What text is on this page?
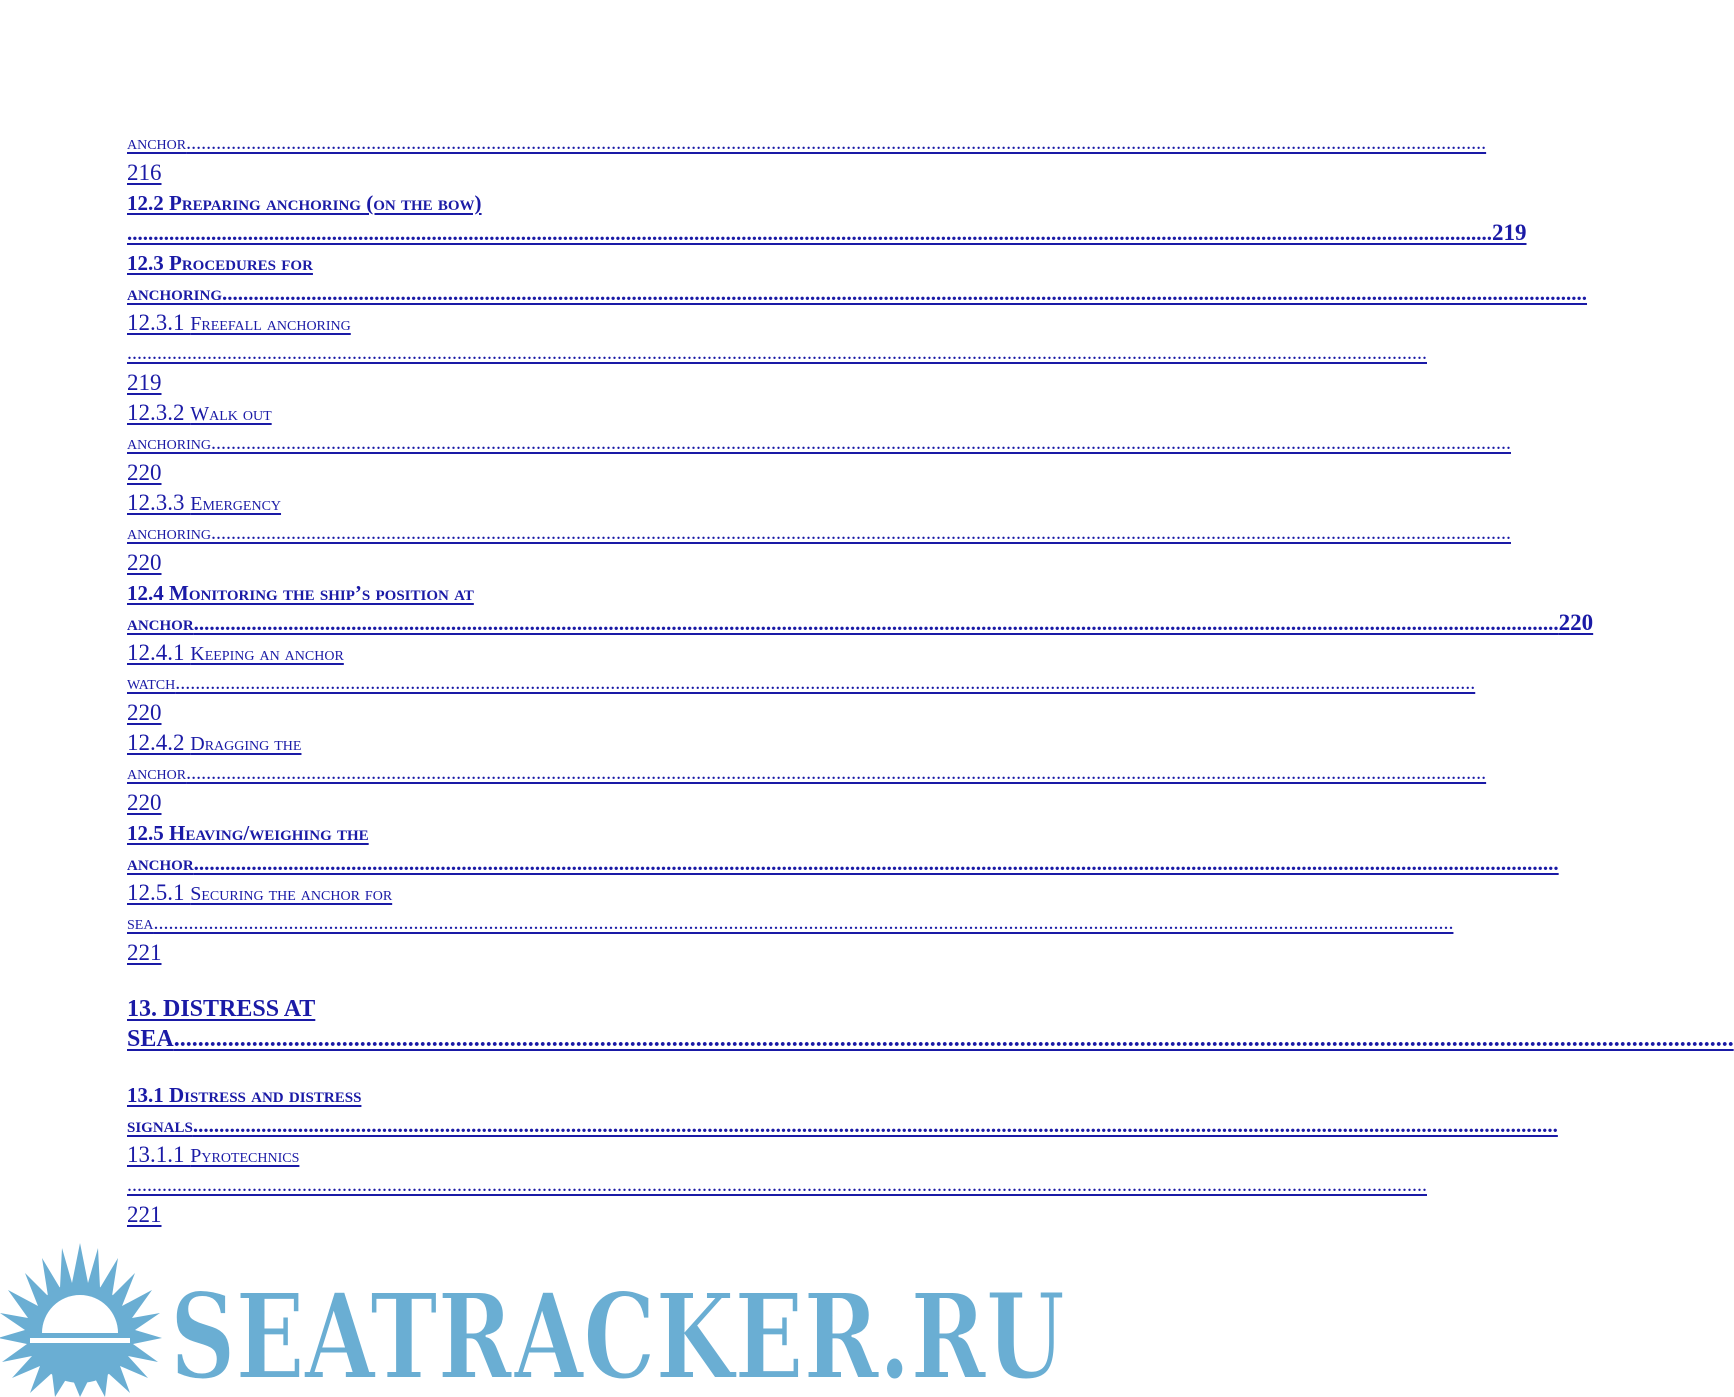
anchor ....................................................................................................................................................................................................................................................................
216
12.2 Preparing anchoring (on the bow)
.................................................................................................................................................................................................................................................................... 219
12.3 Procedures for
anchoring ....................................................................................................................................................................................................................................................................
12.3.1 Freefall anchoring
....................................................................................................................................................................................................................................................................
219
12.3.2 Walk out
anchoring ....................................................................................................................................................................................................................................................................
220
12.3.3 Emergency
anchoring ....................................................................................................................................................................................................................................................................
220
12.4 Monitoring the ship’s position at
anchor .................................................................................................................................................................................................................................................................... 220
12.4.1 Keeping an anchor
watch ....................................................................................................................................................................................................................................................................
220
12.4.2 Dragging the
anchor ....................................................................................................................................................................................................................................................................
220
12.5 Heaving/weighing the
anchor ....................................................................................................................................................................................................................................................................
12.5.1 Securing the anchor for
sea ....................................................................................................................................................................................................................................................................
221
13. DISTRESS AT
SEA ....................................................................................................................................................................................................................................................................
13.1 Distress and distress
signals ....................................................................................................................................................................................................................................................................
13.1.1 Pyrotechnics
....................................................................................................................................................................................................................................................................
221
SEATRACKER.RU
